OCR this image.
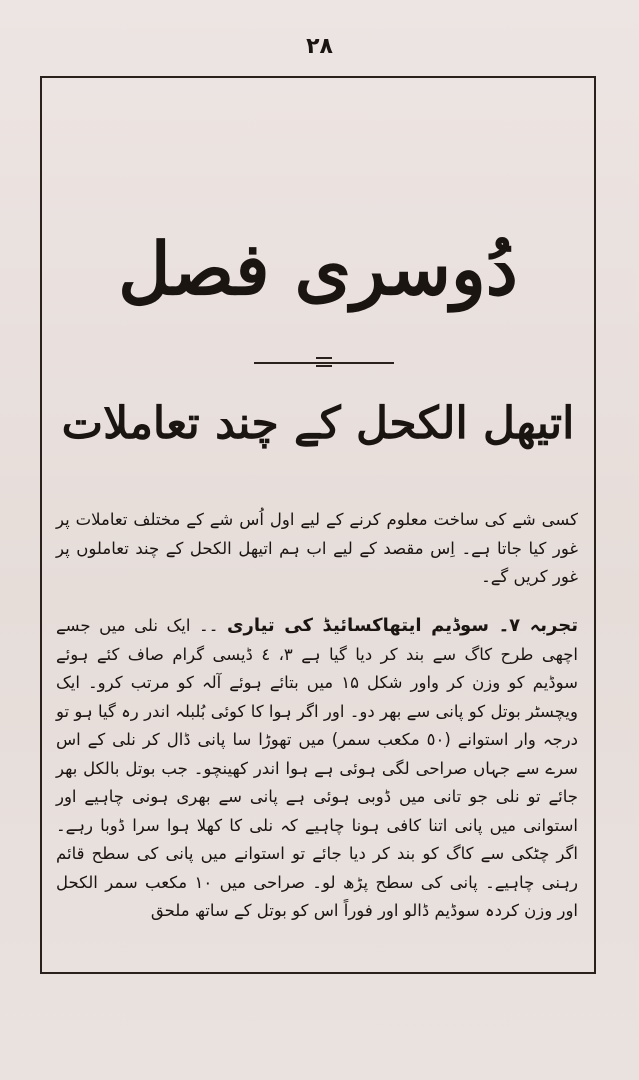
٢٨
دُوسری فصل
اتیھل الکحل کے چند تعاملات
کسی شے کی ساخت معلوم کرنے کے لیے اول اُس شے کے مختلف تعاملات پر غور کیا جاتا ہے۔ اِس مقصد کے لیے اب ہم اتیھل الکحل کے چند تعاملوں پر غور کریں گے۔
تجربہ ٧۔ سوڈیم ایتھاکسائیڈ کی تیاری ۔۔ ایک نلی میں جسے اچھی طرح کاگ سے بند کر دیا گیا ہے ٣، ٤ ڈیسی گرام صاف کئے ہوئے سوڈیم کو وزن کر واور شکل ۱۵ میں بتائے ہوئے آلہ کو مرتب کرو۔ ایک ویچسٹر بوتل کو پانی سے بھر دو۔ اور اگر ہوا کا کوئی بُلبلہ اندر رہ گیا ہو تو درجہ وار استوانے (٥٠ مکعب سمر) میں تھوڑا سا پانی ڈال کر نلی کے اس سرے سے جہاں صراحی لگی ہوئی ہے ہوا اندر کھینچو۔ جب بوتل بالکل بھر جائے تو نلی جو تانی میں ڈوبی ہوئی ہے پانی سے بھری ہونی چاہیے اور استوانی میں پانی اتنا کافی ہونا چاہیے کہ نلی کا کھلا ہوا سرا ڈوبا رہے۔ اگر چٹکی سے کاگ کو بند کر دیا جائے تو استوانے میں پانی کی سطح قائم رہنی چاہیے۔ پانی کی سطح پڑھ لو۔ صراحی میں ١٠ مکعب سمر الکحل اور وزن کردہ سوڈیم ڈالو اور فوراً اس کو بوتل کے ساتھ ملحق
